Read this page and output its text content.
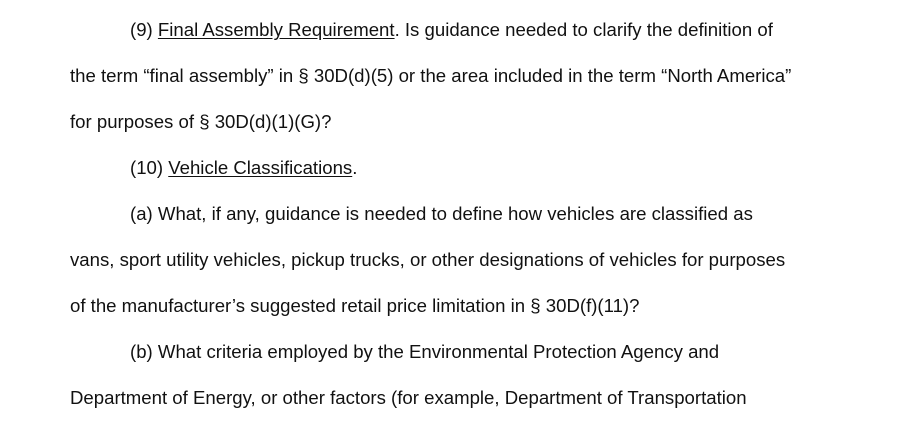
(9) Final Assembly Requirement. Is guidance needed to clarify the definition of
the term “final assembly” in § 30D(d)(5) or the area included in the term “North America”
for purposes of § 30D(d)(1)(G)?
(10) Vehicle Classifications.
(a) What, if any, guidance is needed to define how vehicles are classified as
vans, sport utility vehicles, pickup trucks, or other designations of vehicles for purposes
of the manufacturer’s suggested retail price limitation in § 30D(f)(11)?
(b) What criteria employed by the Environmental Protection Agency and
Department of Energy, or other factors (for example, Department of Transportation
